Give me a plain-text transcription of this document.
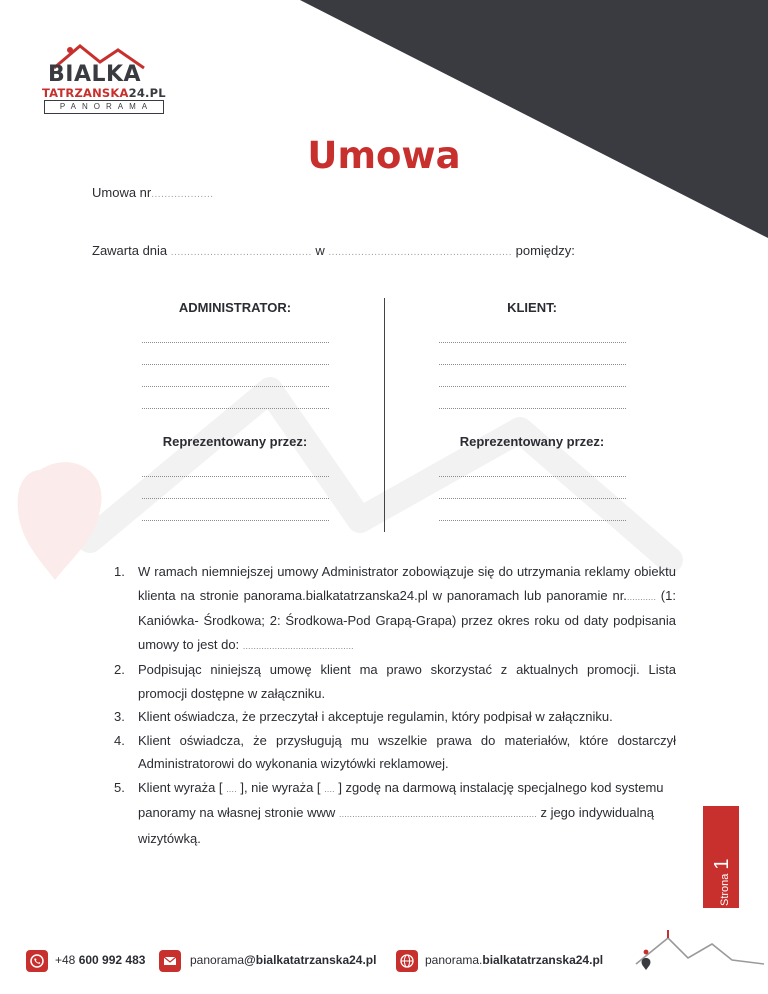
BIALKA
TATRZANSKA24.PL
PANORAMA
Umowa
Umowa nr...................
Zawarta dnia ........................................... w ........................................................ pomiędzy:
ADMINISTRATOR:	KLIENT:
Reprezentowany przez:	Reprezentowany przez:
1. W ramach niemniejszej umowy Administrator zobowiązuje się do utrzymania reklamy obiektu klienta na stronie panorama.bialkatatrzanska24.pl w panoramach lub panoramie nr............ (1: Kaniówka- Środkowa; 2: Środkowa-Pod Grapą-Grapa) przez okres roku od daty podpisania umowy to jest do: ..........................................
2. Podpisując niniejszą umowę klient ma prawo skorzystać z aktualnych promocji. Lista promocji dostępne w załączniku.
3. Klient oświadcza, że przeczytał i akceptuje regulamin, który podpisał w załączniku.
4. Klient oświadcza, że przysługują mu wszelkie prawa do materiałów, które dostarczył Administratorowi do wykonania wizytówki reklamowej.
5. Klient wyraża [ .... ], nie wyraża [ .... ] zgodę na darmową instalację specjalnego kod systemu panoramy na własnej stronie www ........................................................................... z jego indywidualną wizytówką.
Strona1
+48 600 992 483	panorama@bialkatatrzanska24.pl	panorama.bialkatatrzanska24.pl
